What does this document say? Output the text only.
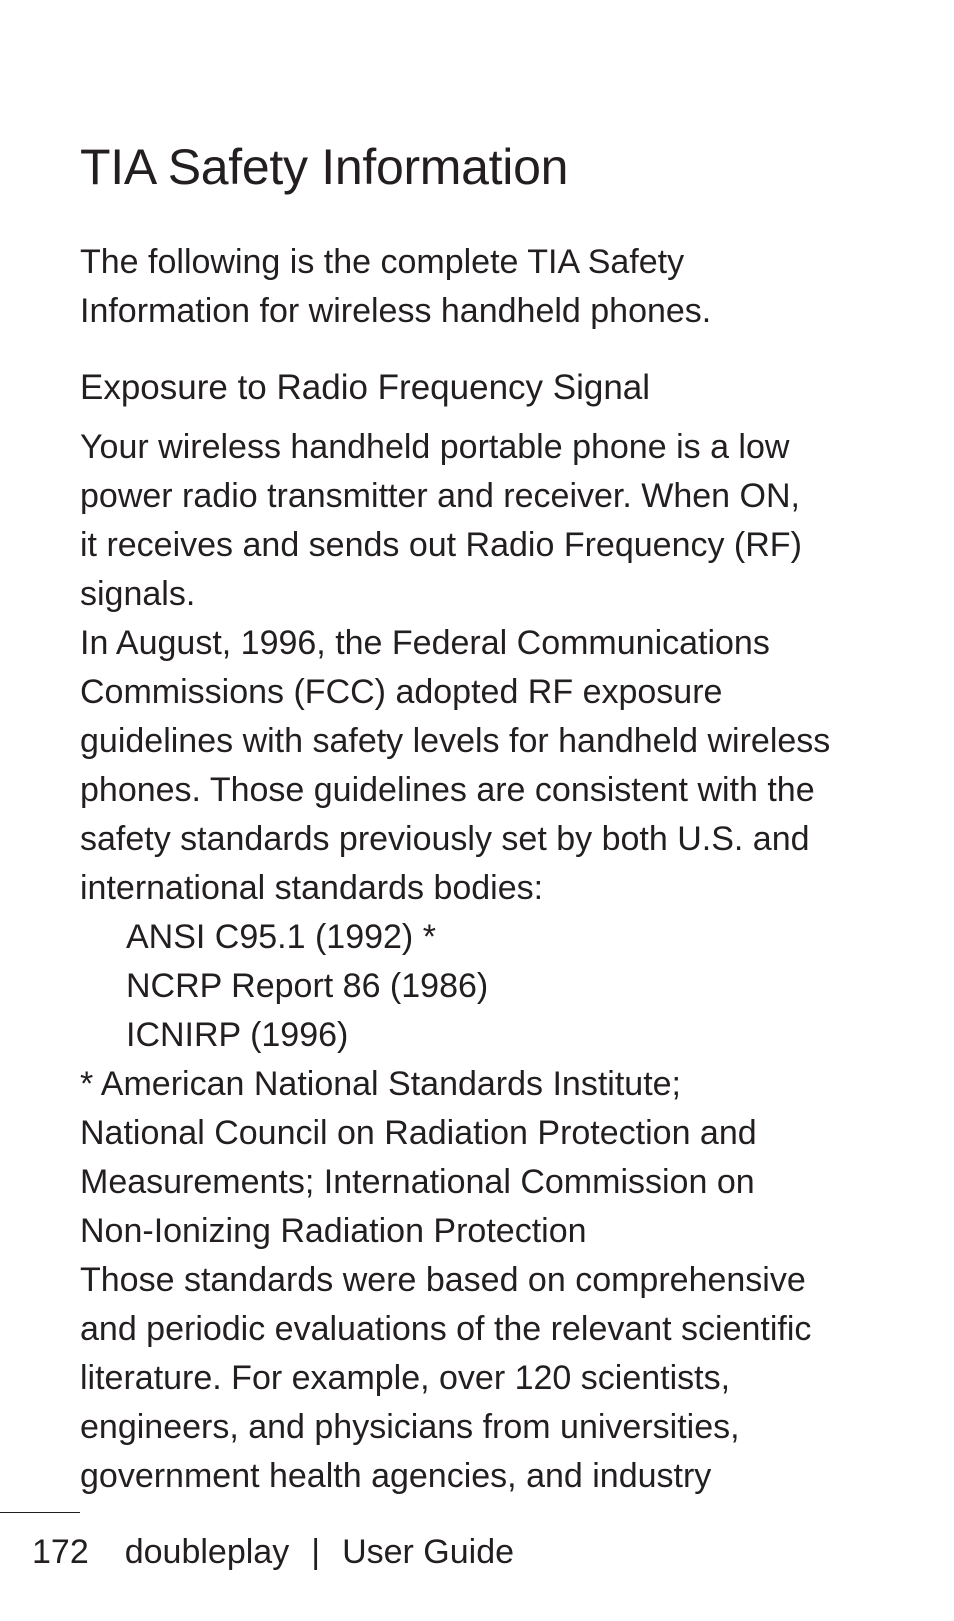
TIA Safety Information

The following is the complete TIA Safety
Information for wireless handheld phones.

Exposure to Radio Frequency Signal
Your wireless handheld portable phone is a low
power radio transmitter and receiver. When ON,
it receives and sends out Radio Frequency (RF)
signals.
In August, 1996, the Federal Communications
Commissions (FCC) adopted RF exposure
guidelines with safety levels for handheld wireless
phones. Those guidelines are consistent with the
safety standards previously set by both U.S. and
international standards bodies:
ANSI C95.1 (1992) *
NCRP Report 86 (1986)
ICNIRP (1996)
* American National Standards Institute;
National Council on Radiation Protection and
Measurements; International Commission on
Non-Ionizing Radiation Protection
Those standards were based on comprehensive
and periodic evaluations of the relevant scientific
literature. For example, over 120 scientists,
engineers, and physicians from universities,
government health agencies, and industry
172 doubleplay | User Guide
